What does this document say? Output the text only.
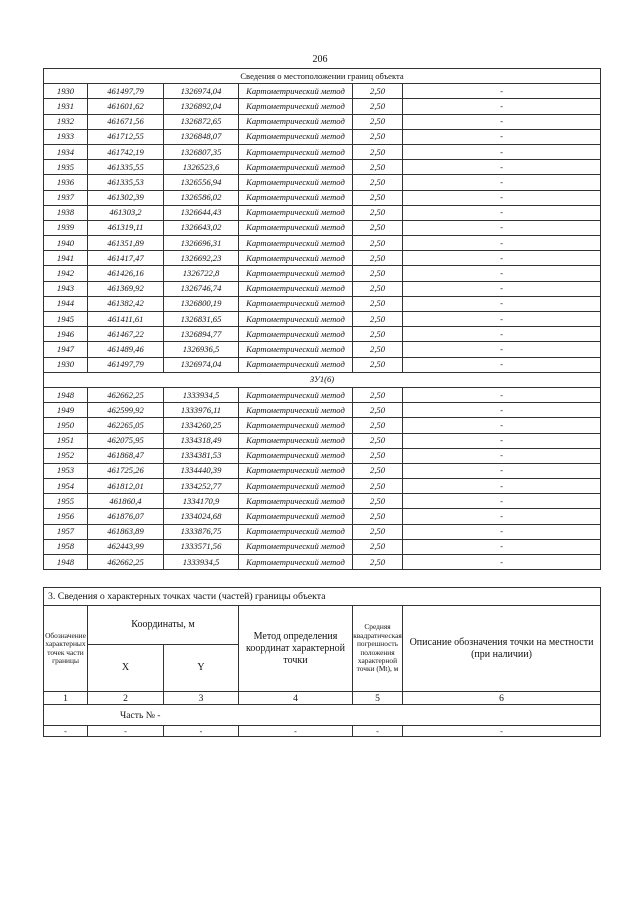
206
Сведения о местоположении границ объекта					
1930	461497,79	1326974,04	Картометрический метод	2,50	-
1931	461601,62	1326892,04	Картометрический метод	2,50	-
1932	461671,56	1326872,65	Картометрический метод	2,50	-
1933	461712,55	1326848,07	Картометрический метод	2,50	-
1934	461742,19	1326807,35	Картометрический метод	2,50	-
1935	461335,55	1326523,6	Картометрический метод	2,50	-
1936	461335,53	1326556,94	Картометрический метод	2,50	-
1937	461302,39	1326586,02	Картометрический метод	2,50	-
1938	461303,2	1326644,43	Картометрический метод	2,50	-
1939	461319,11	1326643,02	Картометрический метод	2,50	-
1940	461351,89	1326696,31	Картометрический метод	2,50	-
1941	461417,47	1326692,23	Картометрический метод	2,50	-
1942	461426,16	1326722,8	Картометрический метод	2,50	-
1943	461369,92	1326746,74	Картометрический метод	2,50	-
1944	461382,42	1326800,19	Картометрический метод	2,50	-
1945	461411,61	1326831,65	Картометрический метод	2,50	-
1946	461467,22	1326894,77	Картометрический метод	2,50	-
1947	461489,46	1326936,5	Картометрический метод	2,50	-
1930	461497,79	1326974,04	Картометрический метод	2,50	-
ЗУ1(6)					
1948	462662,25	1333934,5	Картометрический метод	2,50	-
1949	462599,92	1333976,11	Картометрический метод	2,50	-
1950	462265,05	1334260,25	Картометрический метод	2,50	-
1951	462075,95	1334318,49	Картометрический метод	2,50	-
1952	461868,47	1334381,53	Картометрический метод	2,50	-
1953	461725,26	1334440,39	Картометрический метод	2,50	-
1954	461812,01	1334252,77	Картометрический метод	2,50	-
1955	461860,4	1334170,9	Картометрический метод	2,50	-
1956	461876,07	1334024,68	Картометрический метод	2,50	-
1957	461863,89	1333876,75	Картометрический метод	2,50	-
1958	462443,99	1333571,56	Картометрический метод	2,50	-
1948	462662,25	1333934,5	Картометрический метод	2,50	-
3. Сведения о характерных точках части (частей) границы объекта					
Обозначение характерных точек части границы	Координаты, м		Метод определения координат характерной точки	Средняя квадратическая погрешность положения характерной точки (Mt), м	Описание обозначения точки на местности (при наличии)
	X	Y			
1	2	3	4	5	6
Часть № -					
-	-	-	-	-	-
